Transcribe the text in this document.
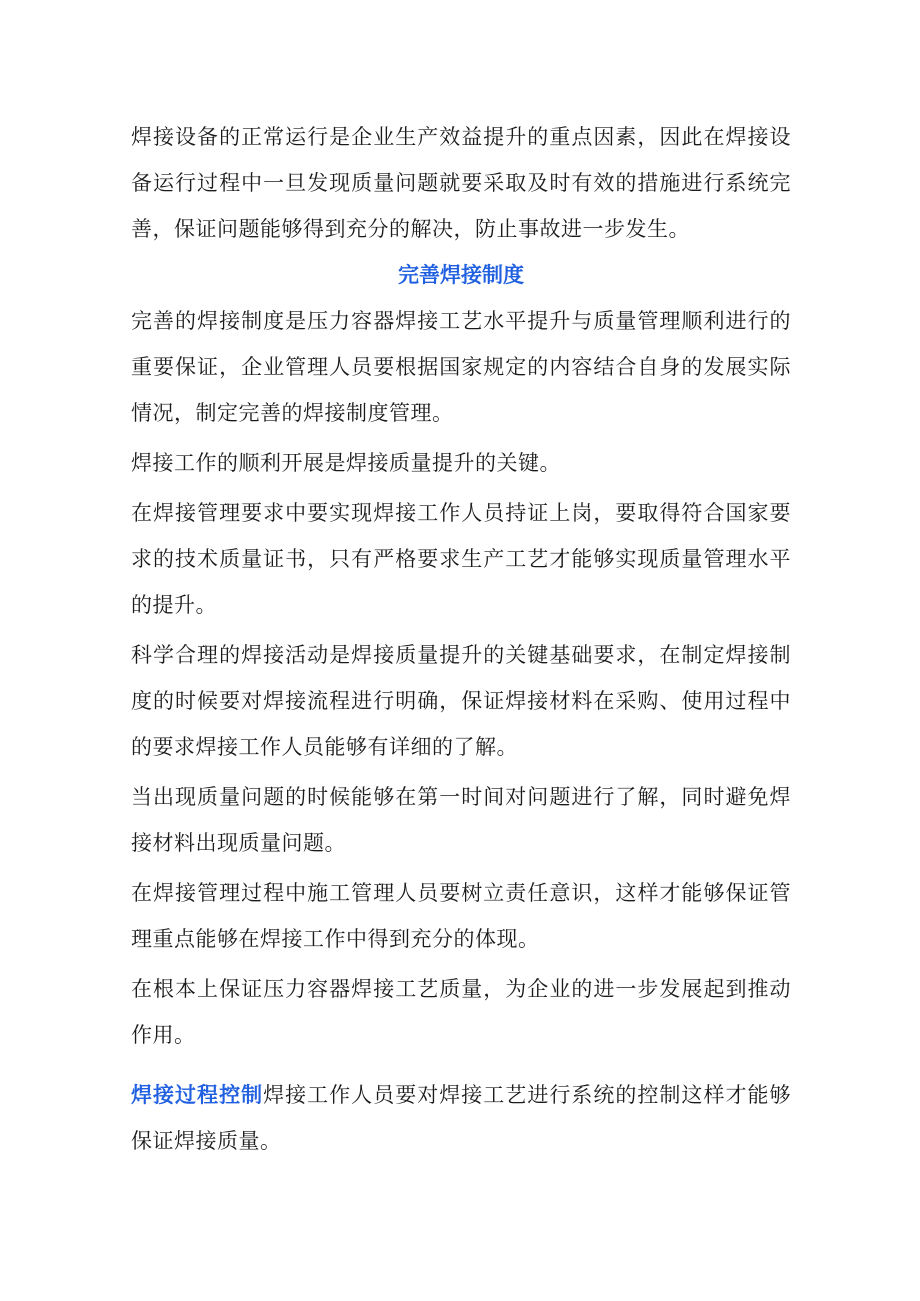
焊接设备的正常运行是企业生产效益提升的重点因素，因此在焊接设备运行过程中一旦发现质量问题就要采取及时有效的措施进行系统完善，保证问题能够得到充分的解决，防止事故进一步发生。

完善焊接制度

完善的焊接制度是压力容器焊接工艺水平提升与质量管理顺利进行的重要保证，企业管理人员要根据国家规定的内容结合自身的发展实际情况，制定完善的焊接制度管理。

焊接工作的顺利开展是焊接质量提升的关键。

在焊接管理要求中要实现焊接工作人员持证上岗，要取得符合国家要求的技术质量证书，只有严格要求生产工艺才能够实现质量管理水平的提升。

科学合理的焊接活动是焊接质量提升的关键基础要求，在制定焊接制度的时候要对焊接流程进行明确，保证焊接材料在采购、使用过程中的要求焊接工作人员能够有详细的了解。

当出现质量问题的时候能够在第一时间对问题进行了解，同时避免焊接材料出现质量问题。

在焊接管理过程中施工管理人员要树立责任意识，这样才能够保证管理重点能够在焊接工作中得到充分的体现。

在根本上保证压力容器焊接工艺质量，为企业的进一步发展起到推动作用。

焊接过程控制焊接工作人员要对焊接工艺进行系统的控制这样才能够保证焊接质量。
